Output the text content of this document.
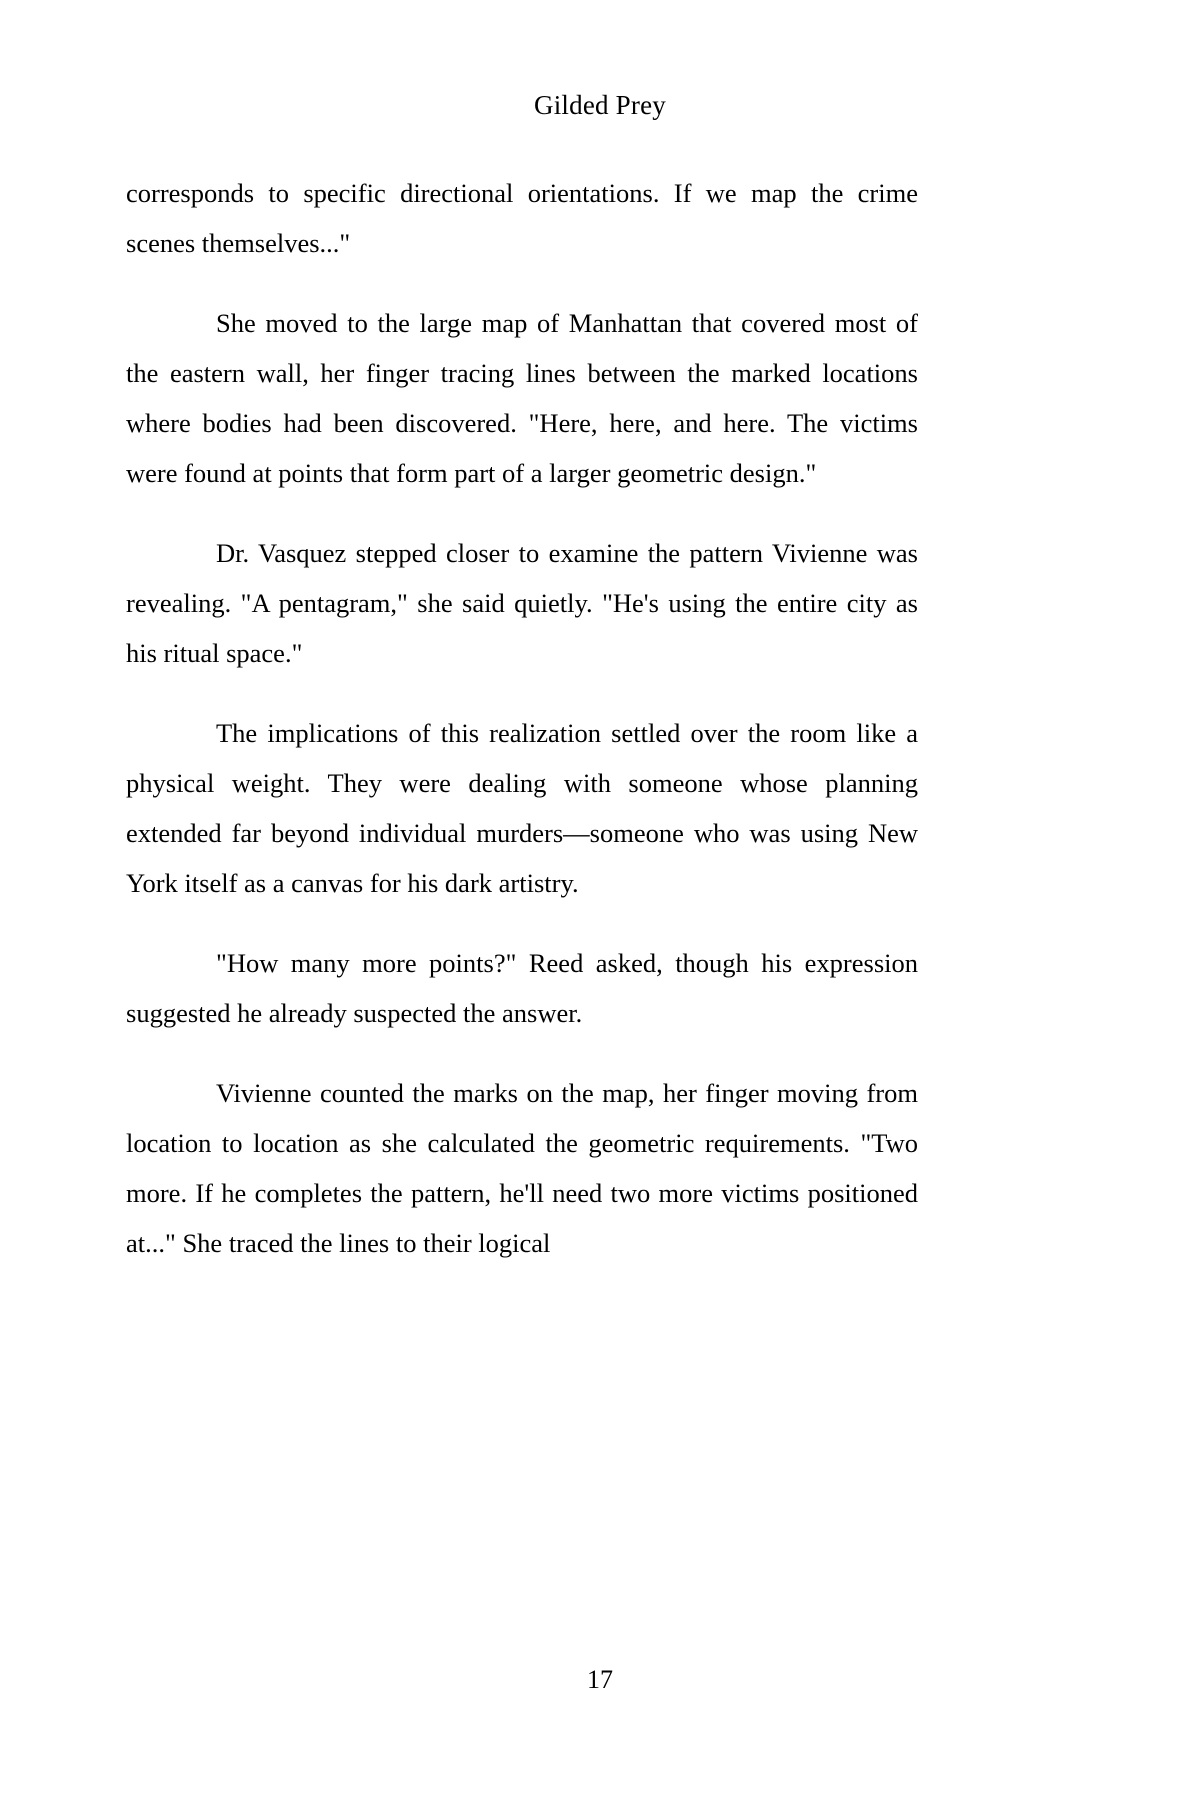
Gilded Prey

corresponds to specific directional orientations. If we map the crime scenes themselves..."

She moved to the large map of Manhattan that covered most of the eastern wall, her finger tracing lines between the marked locations where bodies had been discovered. "Here, here, and here. The victims were found at points that form part of a larger geometric design."

Dr. Vasquez stepped closer to examine the pattern Vivienne was revealing. "A pentagram," she said quietly. "He's using the entire city as his ritual space."

The implications of this realization settled over the room like a physical weight. They were dealing with someone whose planning extended far beyond individual murders—someone who was using New York itself as a canvas for his dark artistry.

"How many more points?" Reed asked, though his expression suggested he already suspected the answer.

Vivienne counted the marks on the map, her finger moving from location to location as she calculated the geometric requirements. "Two more. If he completes the pattern, he'll need two more victims positioned at..." She traced the lines to their logical

17
